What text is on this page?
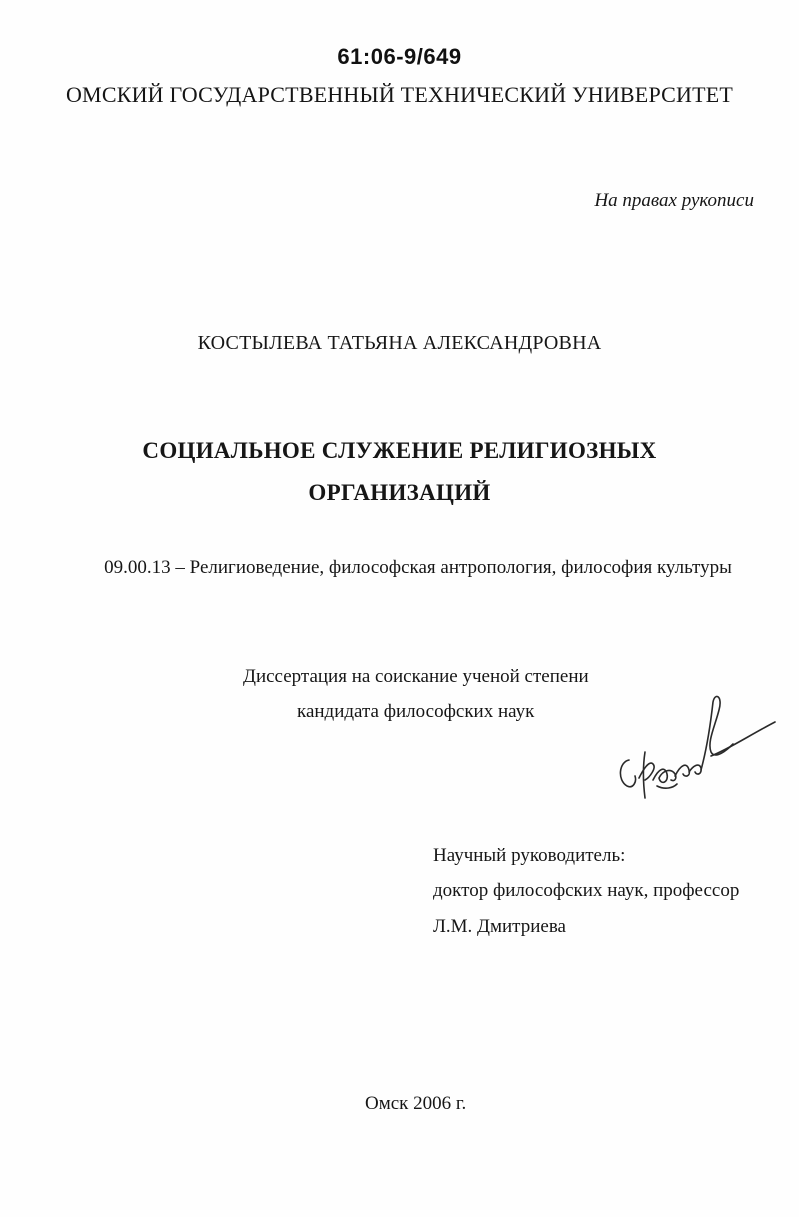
61:06-9/649
ОМСКИЙ ГОСУДАРСТВЕННЫЙ ТЕХНИЧЕСКИЙ УНИВЕРСИТЕТ
На правах рукописи
КОСТЫЛЕВА ТАТЬЯНА АЛЕКСАНДРОВНА
СОЦИАЛЬНОЕ СЛУЖЕНИЕ РЕЛИГИОЗНЫХ
ОРГАНИЗАЦИЙ
09.00.13 – Религиоведение, философская антропология, философия культуры
Диссертация на соискание ученой степени
кандидата философских наук
Научный руководитель:
доктор философских наук, профессор
Л.М. Дмитриева
Омск 2006 г.
